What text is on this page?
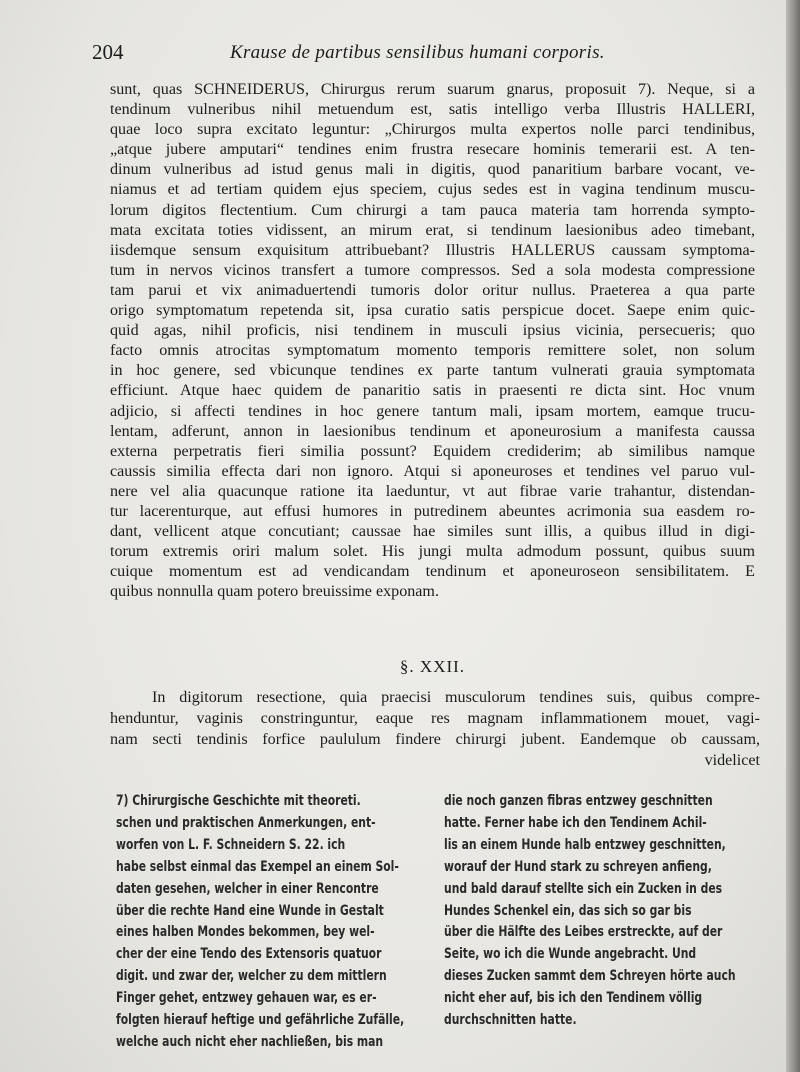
204	Krause de partibus sensilibus humani corporis.
sunt, quas SCHNEIDERUS, Chirurgus rerum suarum gnarus, proposuit 7). Neque, si a
tendinum vulneribus nihil metuendum est, satis intelligo verba Illustris HALLERI,
quae loco supra excitato leguntur: „Chirurgos multa expertos nolle parci tendinibus,
„atque jubere amputari“ tendines enim frustra resecare hominis temerarii est. A ten-
dinum vulneribus ad istud genus mali in digitis, quod panaritium barbare vocant, ve-
niamus et ad tertiam quidem ejus speciem, cujus sedes est in vagina tendinum muscu-
lorum digitos flectentium. Cum chirurgi a tam pauca materia tam horrenda sympto-
mata excitata toties vidissent, an mirum erat, si tendinum laesionibus adeo timebant,
iisdemque sensum exquisitum attribuebant? Illustris HALLERUS caussam symptoma-
tum in nervos vicinos transfert a tumore compressos. Sed a sola modesta compressione
tam parui et vix animaduertendi tumoris dolor oritur nullus. Praeterea a qua parte
origo symptomatum repetenda sit, ipsa curatio satis perspicue docet. Saepe enim quic-
quid agas, nihil proficis, nisi tendinem in musculi ipsius vicinia, persecueris; quo
facto omnis atrocitas symptomatum momento temporis remittere solet, non solum
in hoc genere, sed vbicunque tendines ex parte tantum vulnerati grauia symptomata
efficiunt. Atque haec quidem de panaritio satis in praesenti re dicta sint. Hoc vnum
adjicio, si affecti tendines in hoc genere tantum mali, ipsam mortem, eamque trucu-
lentam, adferunt, annon in laesionibus tendinum et aponeurosium a manifesta caussa
externa perpetratis fieri similia possunt? Equidem crediderim; ab similibus namque
caussis similia effecta dari non ignoro. Atqui si aponeuroses et tendines vel paruo vul-
nere vel alia quacunque ratione ita laeduntur, vt aut fibrae varie trahantur, distendan-
tur lacerenturque, aut effusi humores in putredinem abeuntes acrimonia sua easdem ro-
dant, vellicent atque concutiant; caussae hae similes sunt illis, a quibus illud in digi-
torum extremis oriri malum solet. His jungi multa admodum possunt, quibus suum
cuique momentum est ad vendicandam tendinum et aponeuroseon sensibilitatem. E
quibus nonnulla quam potero breuissime exponam.
§. XXII.
In digitorum resectione, quia praecisi musculorum tendines suis, quibus compre-
henduntur, vaginis constringuntur, eaque res magnam inflammationem mouet, vagi-
nam secti tendinis forfice paululum findere chirurgi jubent. Eandemque ob caussam,
videlicet
7) Chirurgische Geschichte mit theoreti.
schen und praktischen Anmerkungen, ent-
worfen von L. F. Schneidern S. 22. ich
habe selbst einmal das Exempel an einem Sol-
daten gesehen, welcher in einer Rencontre
über die rechte Hand eine Wunde in Gestalt
eines halben Mondes bekommen, bey wel-
cher der eine Tendo des Extensoris quatuor
digit. und zwar der, welcher zu dem mittlern
Finger gehet, entzwey gehauen war, es er-
folgten hierauf heftige und gefährliche Zufälle,
welche auch nicht eher nachließen, bis man
die noch ganzen fibras entzwey geschnitten
hatte. Ferner habe ich den Tendinem Achil-
lis an einem Hunde halb entzwey geschnitten,
worauf der Hund stark zu schreyen anfieng,
und bald darauf stellte sich ein Zucken in des
Hundes Schenkel ein, das sich so gar bis
über die Hälfte des Leibes erstreckte, auf der
Seite, wo ich die Wunde angebracht. Und
dieses Zucken sammt dem Schreyen hörte auch
nicht eher auf, bis ich den Tendinem völlig
durchschnitten hatte.
